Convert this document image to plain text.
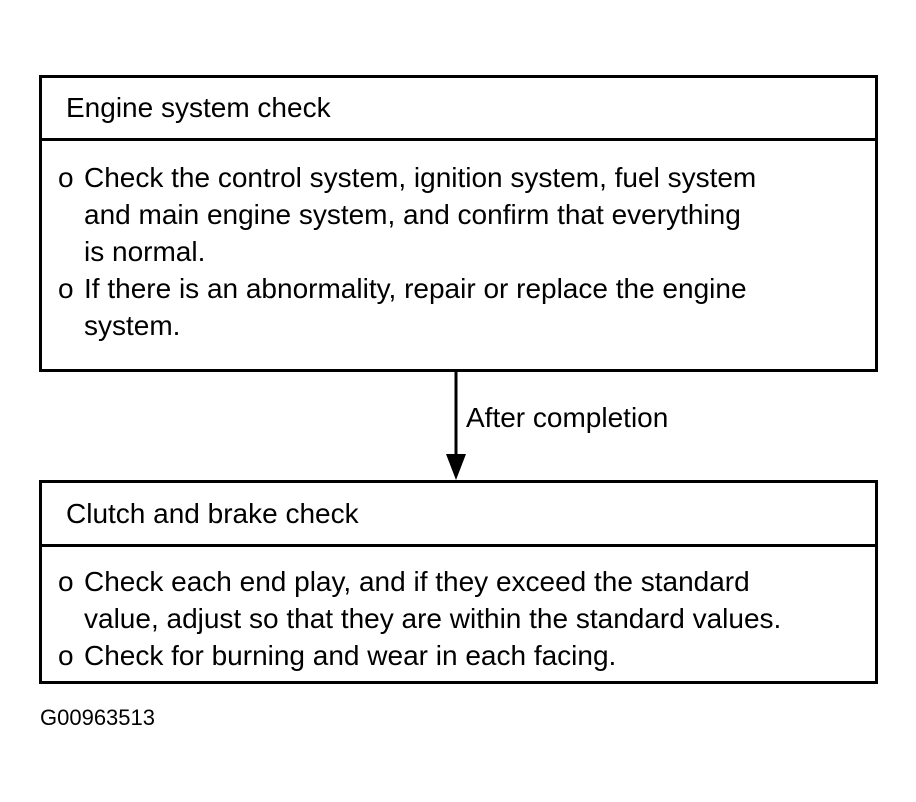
Engine system check
o Check the control system, ignition system, fuel system
and main engine system, and confirm that everything
is normal.
o If there is an abnormality, repair or replace the engine
system.
After completion
Clutch and brake check
o Check each end play, and if they exceed the standard
value, adjust so that they are within the standard values.
o Check for burning and wear in each facing.
G00963513
